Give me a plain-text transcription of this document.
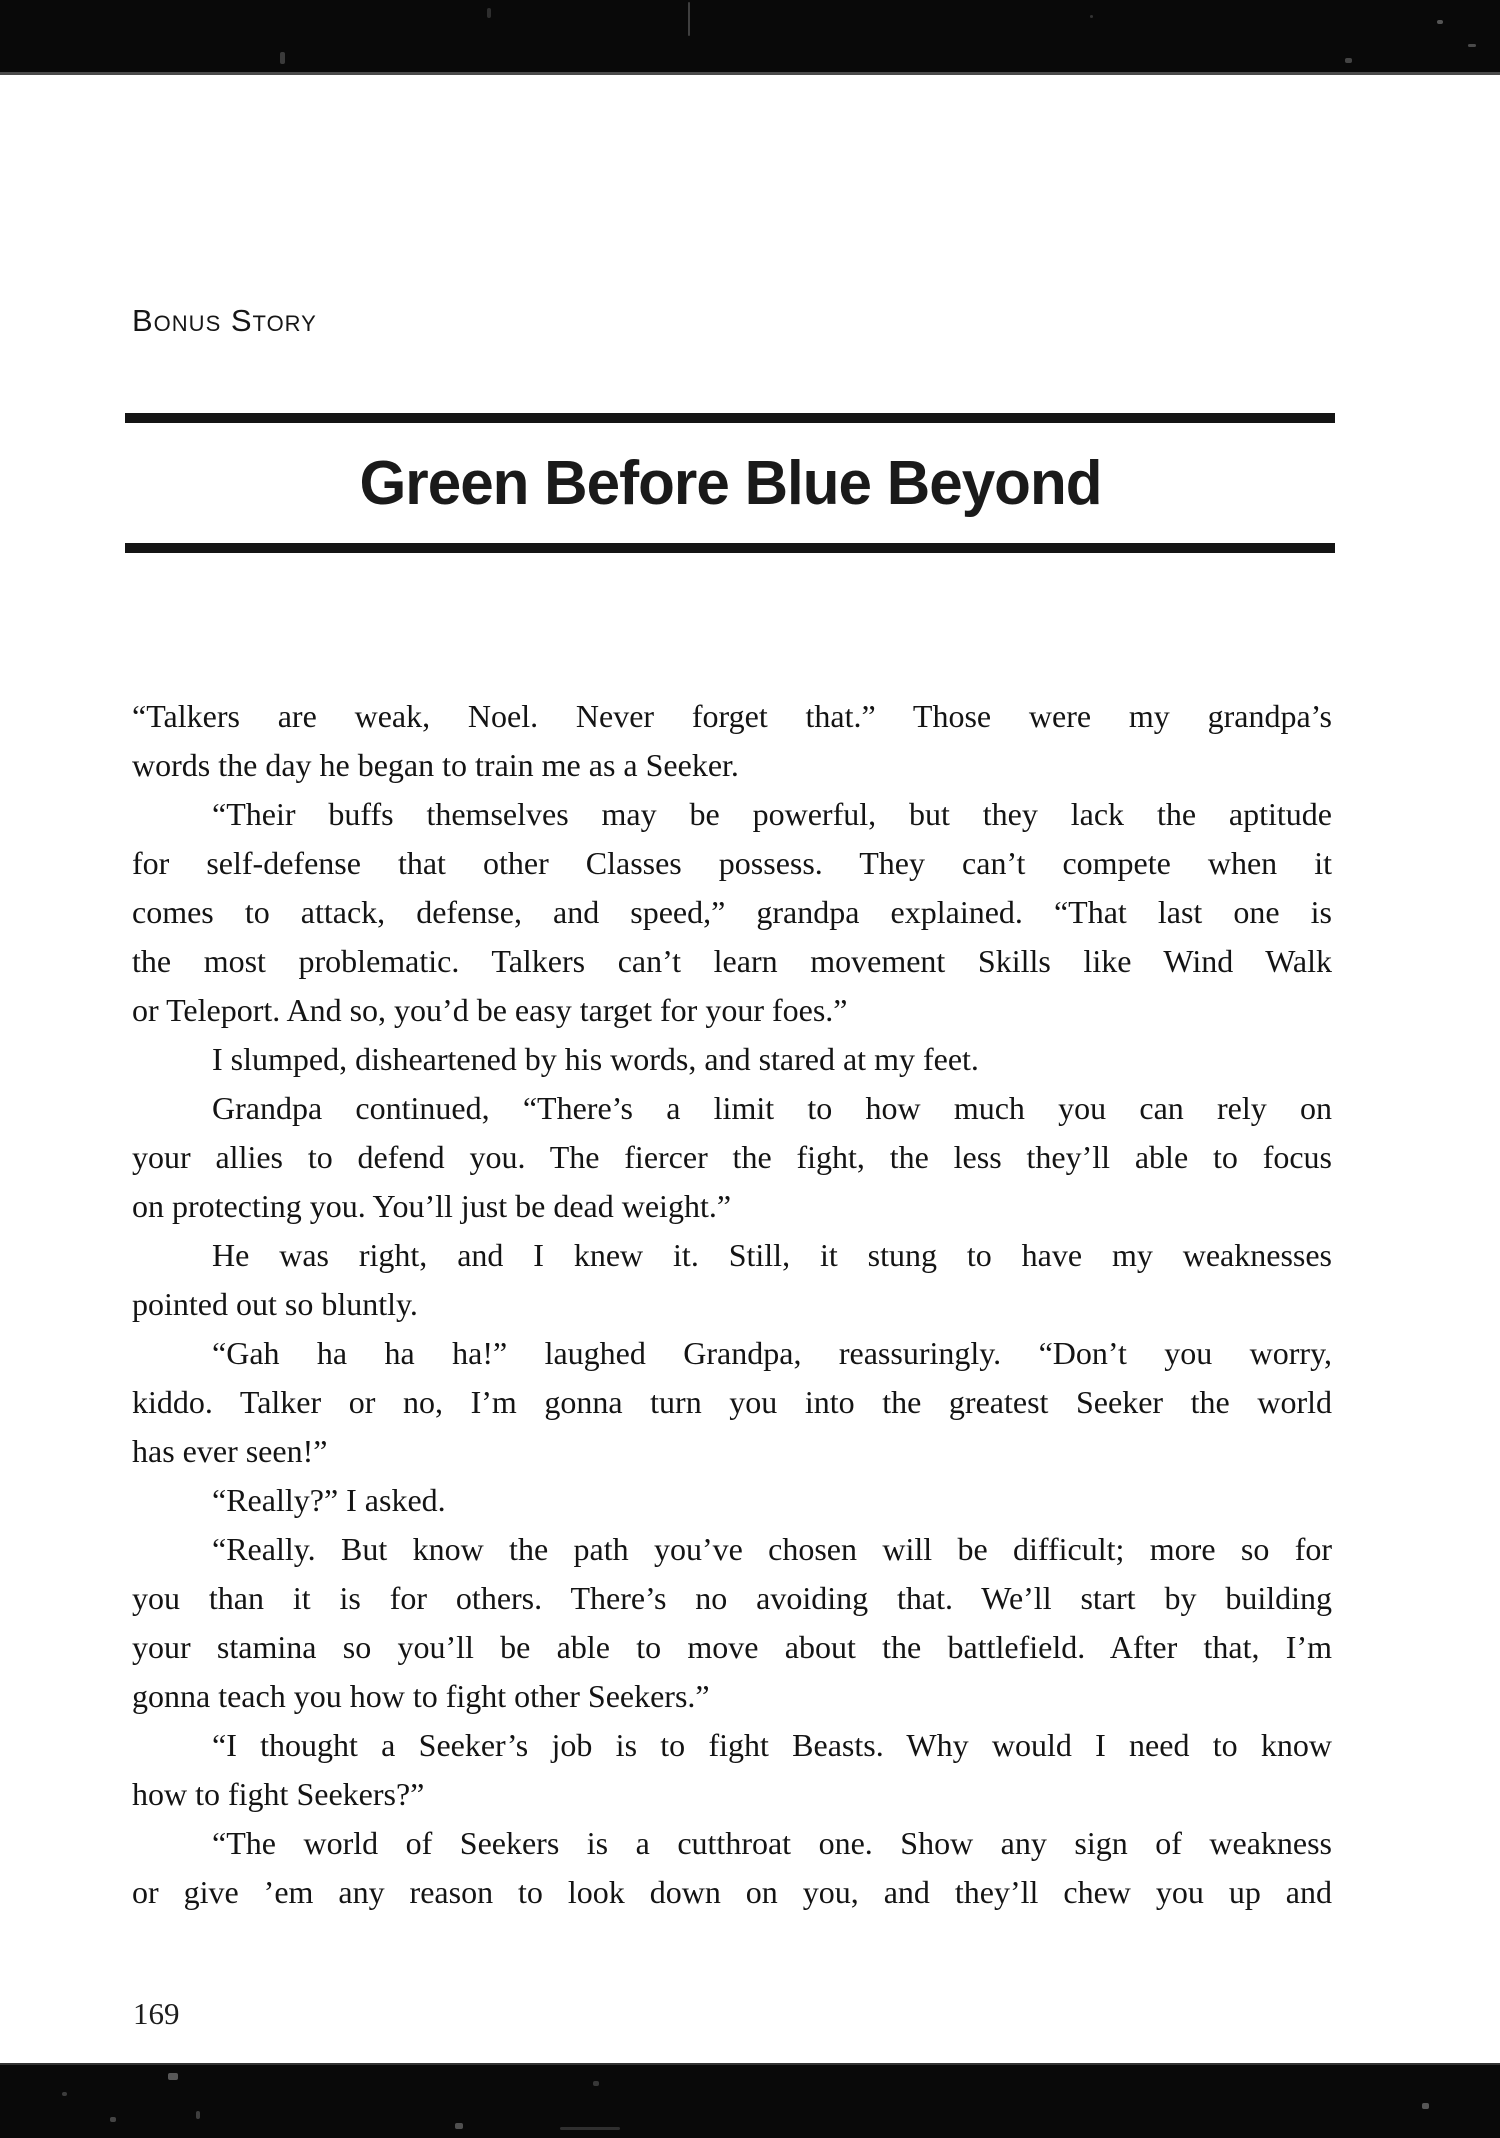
Bonus Story
Green Before Blue Beyond
“Talkers are weak, Noel. Never forget that.” Those were my grandpa’s
words the day he began to train me as a Seeker.
“Their buffs themselves may be powerful, but they lack the aptitude
for self-defense that other Classes possess. They can’t compete when it
comes to attack, defense, and speed,” grandpa explained. “That last one is
the most problematic. Talkers can’t learn movement Skills like Wind Walk
or Teleport. And so, you’d be easy target for your foes.”
I slumped, disheartened by his words, and stared at my feet.
Grandpa continued, “There’s a limit to how much you can rely on
your allies to defend you. The fiercer the fight, the less they’ll able to focus
on protecting you. You’ll just be dead weight.”
He was right, and I knew it. Still, it stung to have my weaknesses
pointed out so bluntly.
“Gah ha ha ha!” laughed Grandpa, reassuringly. “Don’t you worry,
kiddo. Talker or no, I’m gonna turn you into the greatest Seeker the world
has ever seen!”
“Really?” I asked.
“Really. But know the path you’ve chosen will be difficult; more so for
you than it is for others. There’s no avoiding that. We’ll start by building
your stamina so you’ll be able to move about the battlefield. After that, I’m
gonna teach you how to fight other Seekers.”
“I thought a Seeker’s job is to fight Beasts. Why would I need to know
how to fight Seekers?”
“The world of Seekers is a cutthroat one. Show any sign of weakness
or give ’em any reason to look down on you, and they’ll chew you up and
169
